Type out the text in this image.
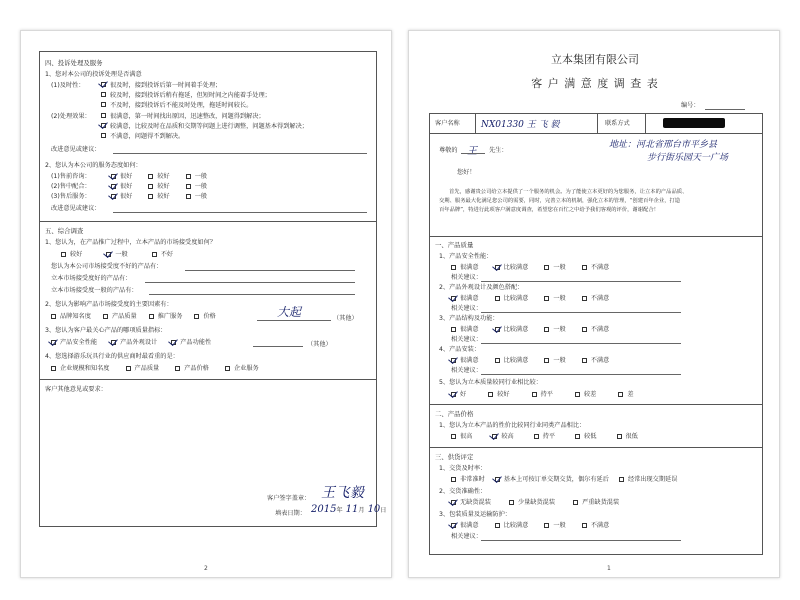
四、投诉处理及服务
1、您对本公司的投诉处理是否满意
(1)及时性：	很及时，接到投诉后第一时间着手处理；
较及时，接到投诉后稍有拖延，但短时间之内能着手处理；
不及时，接到投诉后不能及时处理，拖延时间较长。
(2)处理效果：	很满意，第一时间找出原因，迅速整改，问题得到解决；
较满意，比较及时在品质和交期等问题上进行调整，问题基本得到解决；
不满意，问题得不到解决。
改进意见或建议：
2、您认为本公司的服务态度如何：
(1)售前咨询：	很好	较好	一般
(2)售中配合：	很好	较好	一般
(3)售后服务：	很好	较好	一般
改进意见或建议：
五、综合调查
1、您认为，在产品推广过程中，立本产品的市场接受度如何？
较好	一般	不好
您认为本公司市场接受度不好的产品有：
立本市场接受度好的产品有：
立本市场接受度一般的产品有：
2、您认为影响产品市场接受度的主要因素有：
品牌知名度	产品质量	推广服务	价格	大起	（其他）
3、您认为客户最关心产品的哪项质量指标：
产品安全性能	产品外观设计	产品功能性	（其他）
4、您选择游乐玩具行业的供应商时最看重的是：
企业规模和知名度	产品质量	产品价格	企业服务
客户其他意见或要求：
客户签字盖章： 王 飞 毅
填表日期： 2015 年 11 月 10 日
2
立本集团有限公司
客 户 满 意 度 调 查 表
编号：
客户名称 NX01330 王 飞 毅	联系方式
尊敬的 王 先生：
地址：河北省邢台市平乡县
步行街乐园天一广场
您好！
首先，感谢贵公司给立本提供了一个服务的机会。为了能使立本更好的为您服务，让立本的产品品质、
交期、服务最大化满足您公司的需要，同时，完善立本的机制，强化立本的管理，“创建百年企业，打造
百年品牌”，特进行此项客户满意度调查，希望您在百忙之中给予我们客观的评价，谢谢配合！
一、产品质量
1、产品安全性能：
很满意	比较满意	一般	不满意
相关建议：
2、产品外观设计及颜色搭配：
很满意	比较满意	一般	不满意
相关建议：
3、产品结构及功能：
很满意	比较满意	一般	不满意
相关建议：
4、产品安装：
很满意	比较满意	一般	不满意
相关建议：
5、您认为立本质量较同行业相比较：
好	较好	持平	较差	差
二、产品价格
1、您认为立本产品的性价比较同行业同类产品相比：
很高	较高	持平	较低	很低
三、供货评定
1、交货及时率：
非常准时	基本上可按订单交期交货，偶尔有延后	经常出现交期延误
2、交货准确性：
无缺货混装	少量缺货混装	严重缺货混装
3、包装质量及运输防护：
很满意	比较满意	一般	不满意
相关建议：
1
